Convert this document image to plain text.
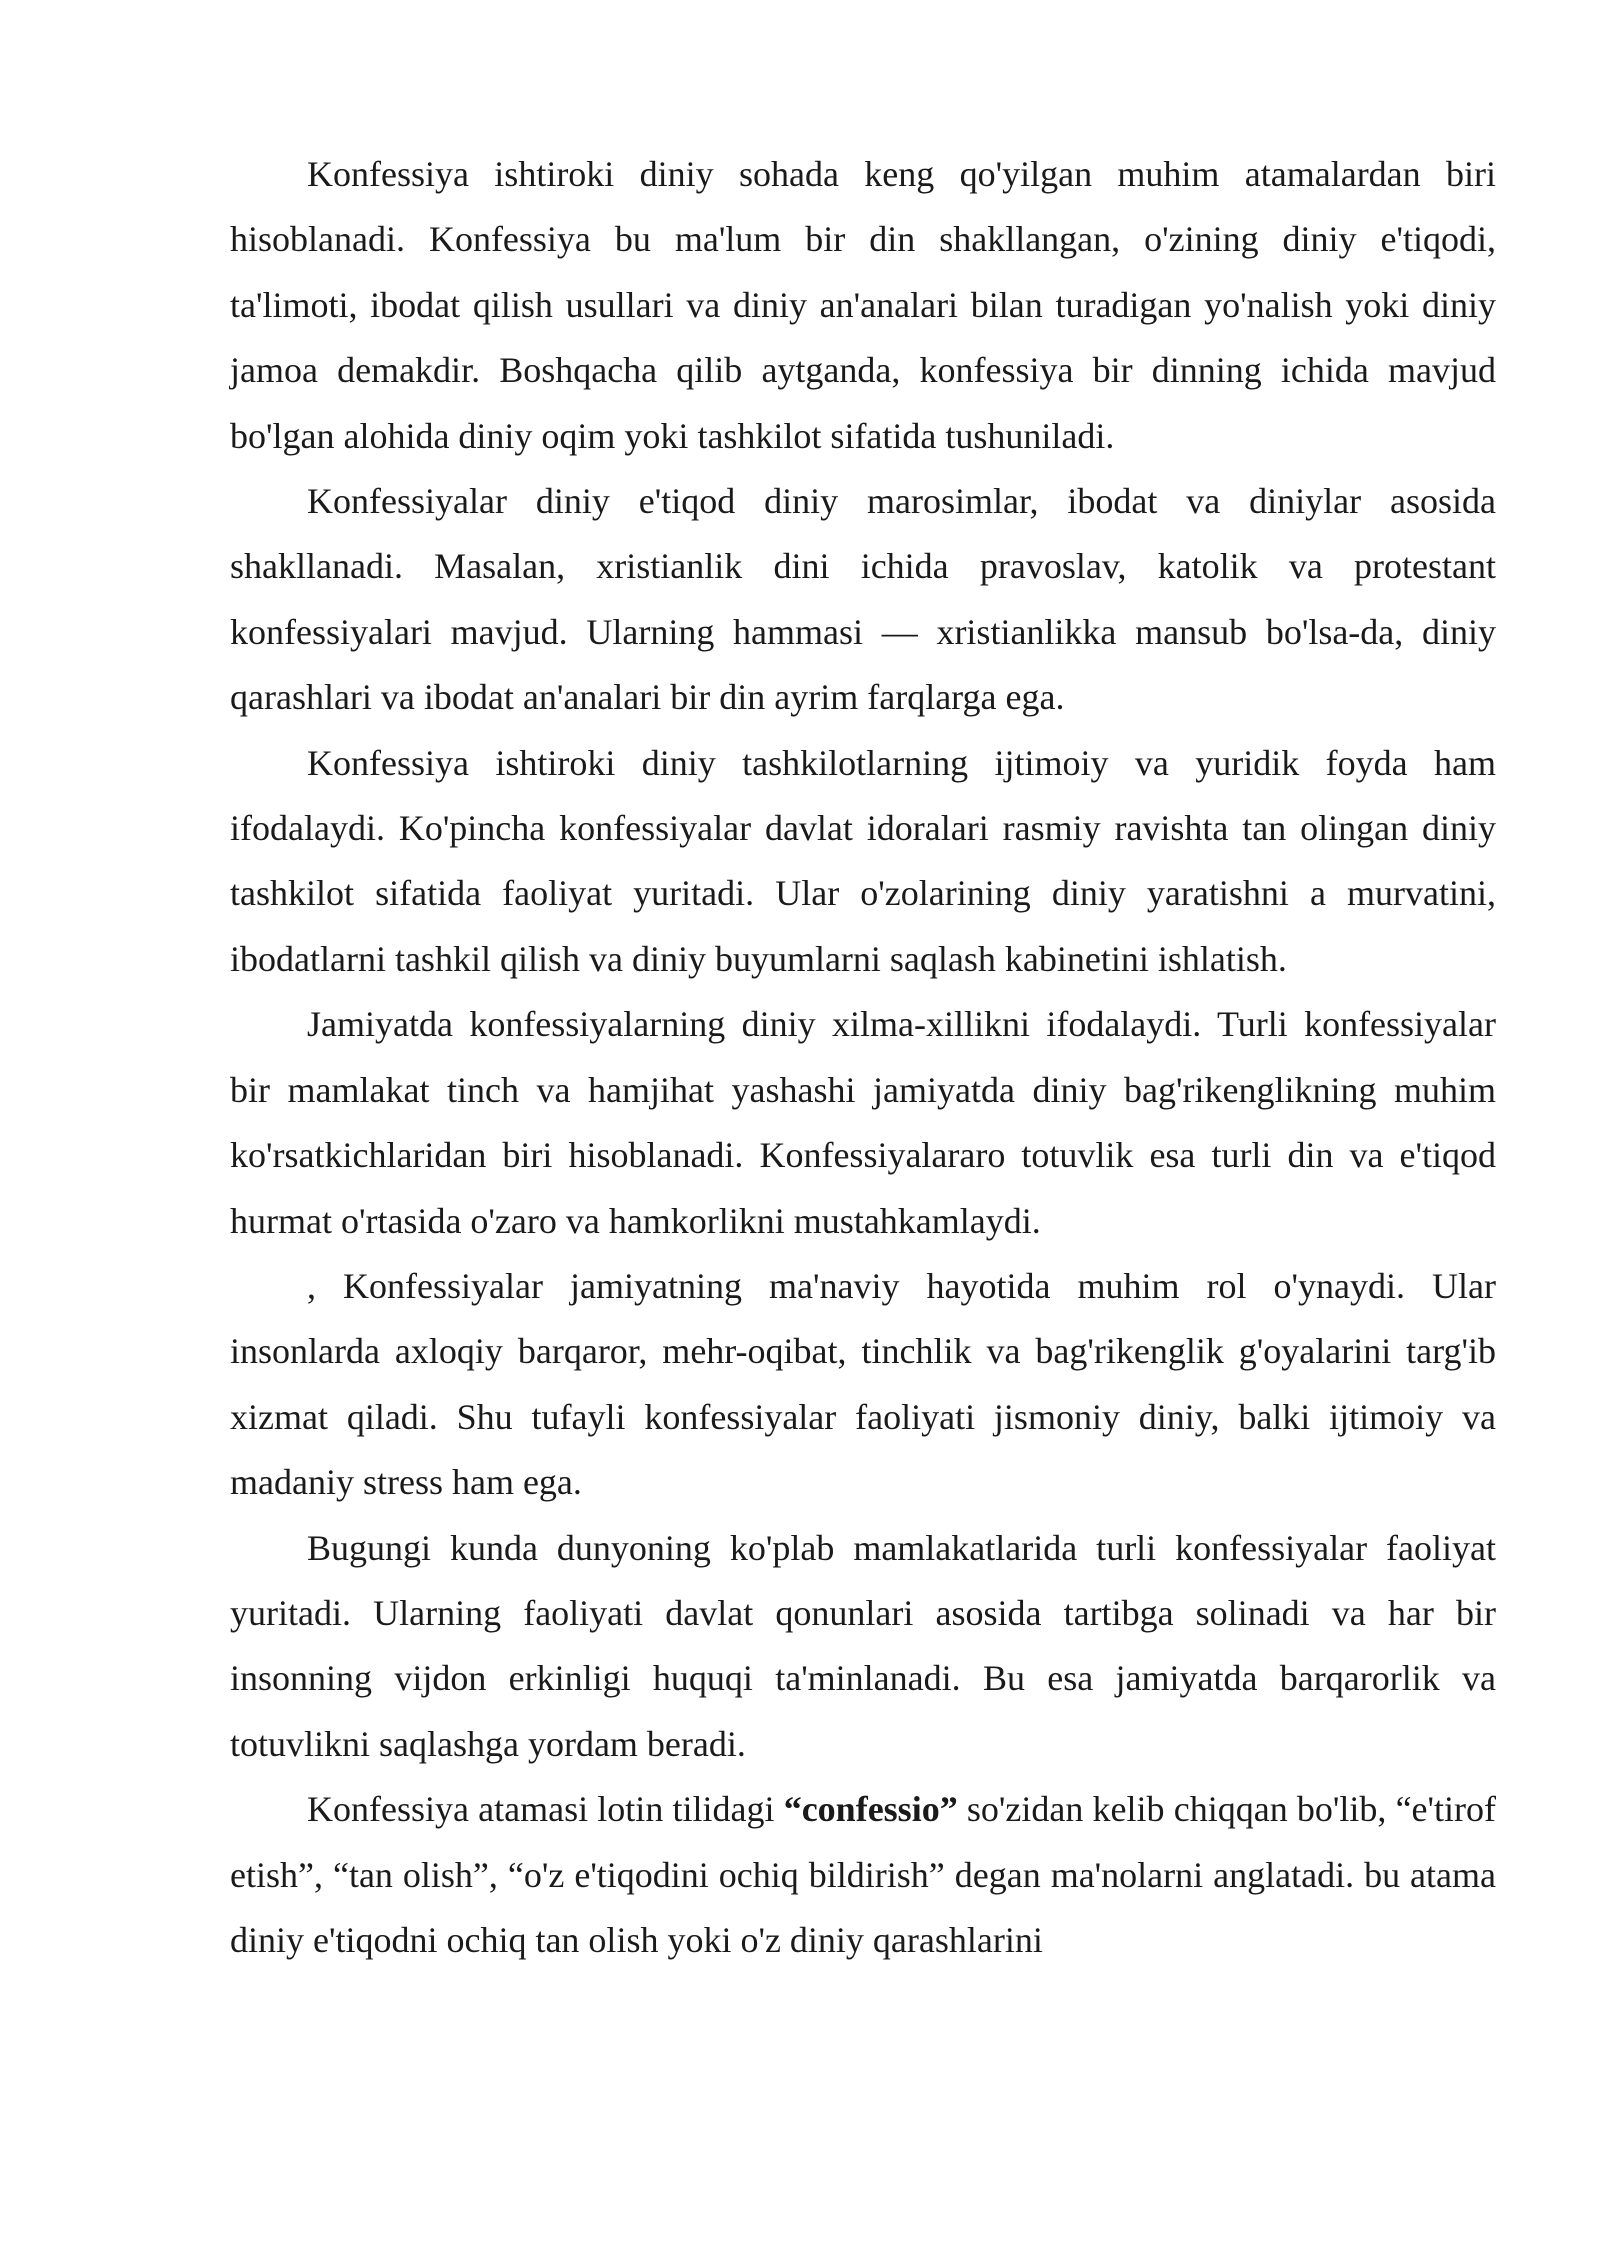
Konfessiya ishtiroki diniy sohada keng qo'yilgan muhim atamalardan biri hisoblanadi. Konfessiya bu ma'lum bir din shakllangan, o'zining diniy e'tiqodi, ta'limoti, ibodat qilish usullari va diniy an'analari bilan turadigan yo'nalish yoki diniy jamoa demakdir. Boshqacha qilib aytganda, konfessiya bir dinning ichida mavjud bo'lgan alohida diniy oqim yoki tashkilot sifatida tushuniladi.

Konfessiyalar diniy e'tiqod diniy marosimlar, ibodat va diniylar asosida shakllanadi. Masalan, xristianlik dini ichida pravoslav, katolik va protestant konfessiyalari mavjud. Ularning hammasi — xristianlikka mansub bo'lsa-da, diniy qarashlari va ibodat an'analari bir din ayrim farqlarga ega.

Konfessiya ishtiroki diniy tashkilotlarning ijtimoiy va yuridik foyda ham ifodalaydi. Ko'pincha konfessiyalar davlat idoralari rasmiy ravishta tan olingan diniy tashkilot sifatida faoliyat yuritadi. Ular o'zolarining diniy yaratishni a murvatini, ibodatlarni tashkil qilish va diniy buyumlarni saqlash kabinetini ishlatish.

Jamiyatda konfessiyalarning diniy xilma-xillikni ifodalaydi. Turli konfessiyalar bir mamlakat tinch va hamjihat yashashi jamiyatda diniy bag'rikenglikning muhim ko'rsatkichlaridan biri hisoblanadi. Konfessiyalararo totuvlik esa turli din va e'tiqod hurmat o'rtasida o'zaro va hamkorlikni mustahkamlaydi.

, Konfessiyalar jamiyatning ma'naviy hayotida muhim rol o'ynaydi. Ular insonlarda axloqiy barqaror, mehr-oqibat, tinchlik va bag'rikenglik g'oyalarini targ'ib xizmat qiladi. Shu tufayli konfessiyalar faoliyati jismoniy diniy, balki ijtimoiy va madaniy stress ham ega.

Bugungi kunda dunyoning ko'plab mamlakatlarida turli konfessiyalar faoliyat yuritadi. Ularning faoliyati davlat qonunlari asosida tartibga solinadi va har bir insonning vijdon erkinligi huquqi ta'minlanadi. Bu esa jamiyatda barqarorlik va totuvlikni saqlashga yordam beradi.

Konfessiya atamasi lotin tilidagi “confessio” so'zidan kelib chiqqan bo'lib, “e'tirof etish”, “tan olish”, “o'z e'tiqodini ochiq bildirish” degan ma'nolarni anglatadi. bu atama diniy e'tiqodni ochiq tan olish yoki o'z diniy qarashlarini
